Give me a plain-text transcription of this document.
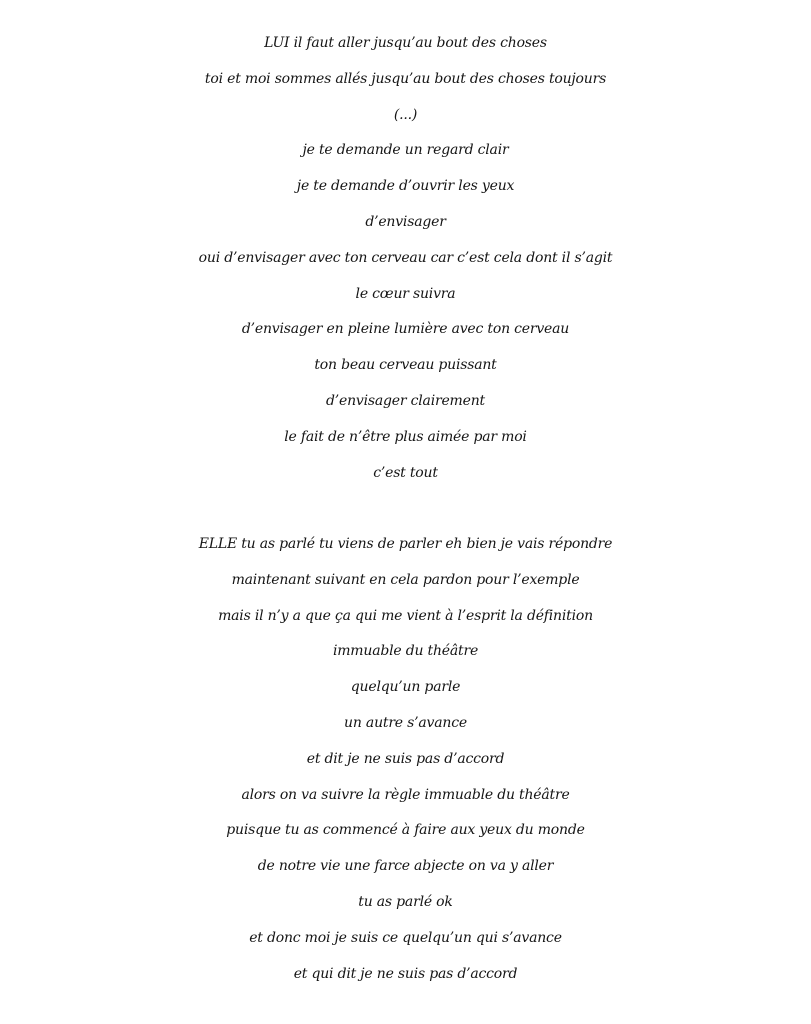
LUI il faut aller jusqu’au bout des choses
toi et moi sommes allés jusqu’au bout des choses toujours
(...)
je te demande un regard clair
je te demande d’ouvrir les yeux
d’envisager
oui d’envisager avec ton cerveau car c’est cela dont il s’agit
le cœur suivra
d’envisager en pleine lumière avec ton cerveau
ton beau cerveau puissant
d’envisager clairement
le fait de n’être plus aimée par moi
c’est tout
ELLE tu as parlé tu viens de parler eh bien je vais répondre
maintenant suivant en cela pardon pour l’exemple
mais il n’y a que ça qui me vient à l’esprit la définition
immuable du théâtre
quelqu’un parle
un autre s’avance
et dit je ne suis pas d’accord
alors on va suivre la règle immuable du théâtre
puisque tu as commencé à faire aux yeux du monde
de notre vie une farce abjecte on va y aller
tu as parlé ok
et donc moi je suis ce quelqu’un qui s’avance
et qui dit je ne suis pas d’accord
